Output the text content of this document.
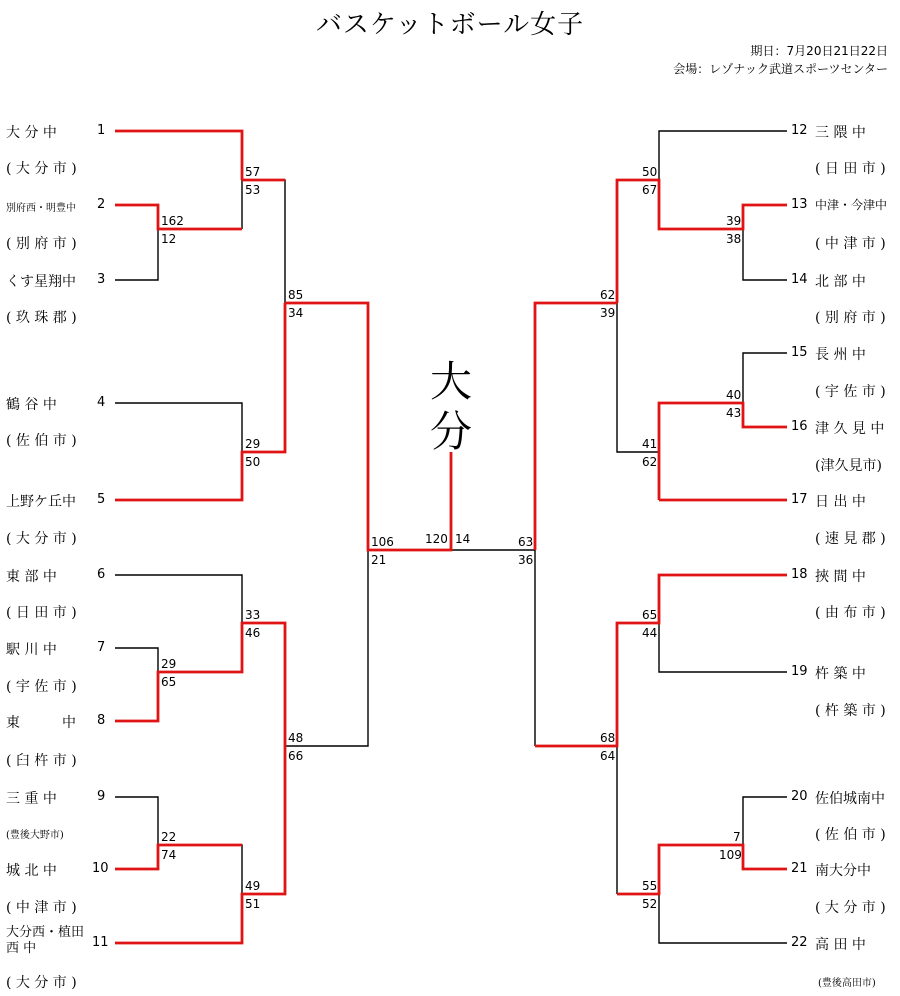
バスケットボール女子
期日：7月20日21日22日
会場：レゾナック武道スポーツセンター
大分
大 分 中	1
( 大 分 市 )
別府西・明豊中 2
( 別 府 市 )
くす星翔中 3
( 玖 珠 郡 )
鶴 谷 中	4
( 佐 伯 市 )
上野ケ丘中 5
( 大 分 市 )
東 部 中	6
( 日 田 市 )
駅 川 中	7
( 宇 佐 市 )
東　　　中 8
( 臼 杵 市 )
三 重 中	9
(豊後大野市)
城 北 中	10
( 中 津 市 )
大分西・植田 西 中	11
( 大 分 市 )
12 三 隈 中
( 日 田 市 )
13 中津・今津中
( 中 津 市 )
14 北 部 中
( 別 府 市 )
15 長 州 中
( 宇 佐 市 )
16 津 久 見 中
(津久見市)
17 日 出 中
( 速 見 郡 )
18 挾 間 中
( 由 布 市 )
19 杵 築 中
( 杵 築 市 )
20 佐伯城南中
( 佐 伯 市 )
21 南大分中
( 大 分 市 )
22 高 田 中
(豊後高田市)
57
53
162
12
85
34
29
50
106
21
33
46
29
65
48
66
22
74
49
51
120 14
50
67
39
38
62
39
40
43
41
62
63
36
65
44
68
64
7
109
55
52
